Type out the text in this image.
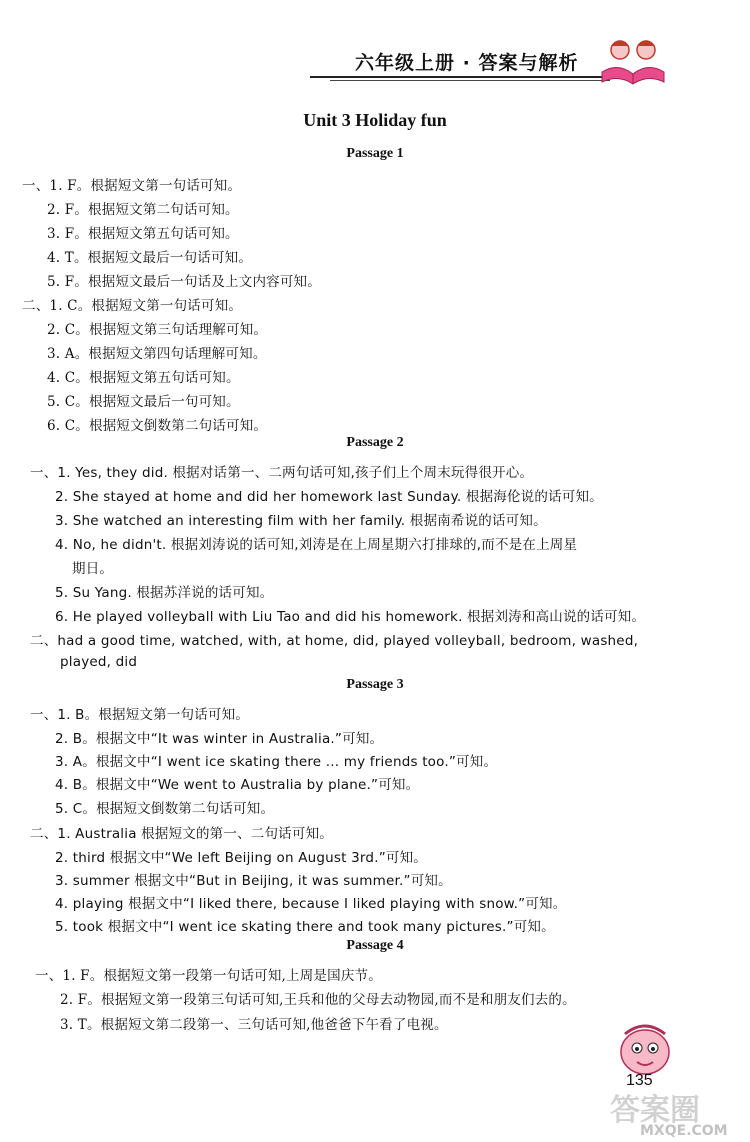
六年级上册 · 答案与解析
Unit 3 Holiday fun
Passage 1
一、1. F。根据短文第一句话可知。
2. F。根据短文第二句话可知。
3. F。根据短文第五句话可知。
4. T。根据短文最后一句话可知。
5. F。根据短文最后一句话及上文内容可知。
二、1. C。根据短文第一句话可知。
2. C。根据短文第三句话理解可知。
3. A。根据短文第四句话理解可知。
4. C。根据短文第五句话可知。
5. C。根据短文最后一句可知。
6. C。根据短文倒数第二句话可知。
Passage 2
一、1. Yes, they did. 根据对话第一、二两句话可知,孩子们上个周末玩得很开心。
2. She stayed at home and did her homework last Sunday. 根据海伦说的话可知。
3. She watched an interesting film with her family. 根据南希说的话可知。
4. No, he didn't. 根据刘涛说的话可知,刘涛是在上周星期六打排球的,而不是在上周星
期日。
5. Su Yang. 根据苏洋说的话可知。
6. He played volleyball with Liu Tao and did his homework. 根据刘涛和高山说的话可知。
二、had a good time, watched, with, at home, did, played volleyball, bedroom, washed,
played, did
Passage 3
一、1. B。根据短文第一句话可知。
2. B。根据文中“It was winter in Australia.”可知。
3. A。根据文中“I went ice skating there ... my friends too.”可知。
4. B。根据文中“We went to Australia by plane.”可知。
5. C。根据短文倒数第二句话可知。
二、1. Australia 根据短文的第一、二句话可知。
2. third 根据文中“We left Beijing on August 3rd.”可知。
3. summer 根据文中“But in Beijing, it was summer.”可知。
4. playing 根据文中“I liked there, because I liked playing with snow.”可知。
5. took 根据文中“I went ice skating there and took many pictures.”可知。
Passage 4
一、1. F。根据短文第一段第一句话可知,上周是国庆节。
2. F。根据短文第一段第三句话可知,王兵和他的父母去动物园,而不是和朋友们去的。
3. T。根据短文第二段第一、三句话可知,他爸爸下午看了电视。
135
答案圈
MXQE.COM
